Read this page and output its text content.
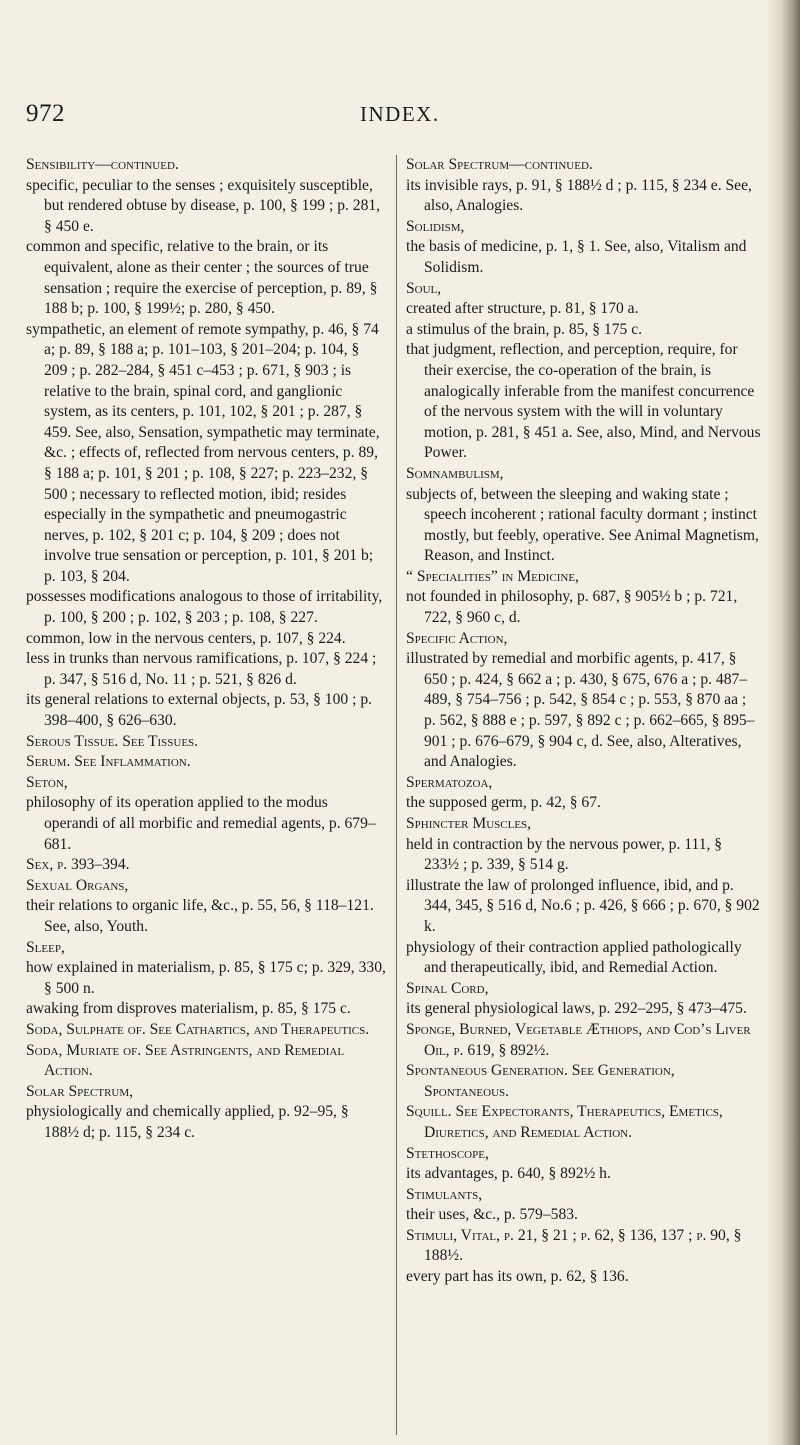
972	INDEX.

Sensibility—continued.

specific, peculiar to the senses ; exquisitely susceptible, but rendered obtuse by disease, p. 100, § 199 ; p. 281, § 450 e.

common and specific, relative to the brain, or its equivalent, alone as their center ; the sources of true sensation ; require the exercise of perception, p. 89, § 188 b; p. 100, § 199½; p. 280, § 450.

sympathetic, an element of remote sympathy, p. 46, § 74 a; p. 89, § 188 a; p. 101–103, § 201–204; p. 104, § 209 ; p. 282–284, § 451 c–453 ; p. 671, § 903 ; is relative to the brain, spinal cord, and ganglionic system, as its centers, p. 101, 102, § 201 ; p. 287, § 459. See, also, Sensation, sympathetic may terminate, &c. ; effects of, reflected from nervous centers, p. 89, § 188 a; p. 101, § 201 ; p. 108, § 227; p. 223–232, § 500 ; necessary to reflected motion, ibid; resides especially in the sympathetic and pneumogastric nerves, p. 102, § 201 c; p. 104, § 209 ; does not involve true sensation or perception, p. 101, § 201 b; p. 103, § 204.

possesses modifications analogous to those of irritability, p. 100, § 200 ; p. 102, § 203 ; p. 108, § 227.

common, low in the nervous centers, p. 107, § 224.

less in trunks than nervous ramifications, p. 107, § 224 ; p. 347, § 516 d, No. 11 ; p. 521, § 826 d.

its general relations to external objects, p. 53, § 100 ; p. 398–400, § 626–630.

Serous Tissue. See Tissues.

Serum. See Inflammation.

Seton,

philosophy of its operation applied to the modus operandi of all morbific and remedial agents, p. 679–681.

Sex, p. 393–394.

Sexual Organs,

their relations to organic life, &c., p. 55, 56, § 118–121. See, also, Youth.

Sleep,

how explained in materialism, p. 85, § 175 c; p. 329, 330, § 500 n.

awaking from disproves materialism, p. 85, § 175 c.

Soda, Sulphate of. See Cathartics, and Therapeutics.

Soda, Muriate of. See Astringents, and Remedial Action.

Solar Spectrum,

physiologically and chemically applied, p. 92–95, § 188½ d; p. 115, § 234 c.

Solar Spectrum—continued.

its invisible rays, p. 91, § 188½ d ; p. 115, § 234 e. See, also, Analogies.

Solidism,

the basis of medicine, p. 1, § 1. See, also, Vitalism and Solidism.

Soul,

created after structure, p. 81, § 170 a.

a stimulus of the brain, p. 85, § 175 c.

that judgment, reflection, and perception, require, for their exercise, the co-operation of the brain, is analogically inferable from the manifest concurrence of the nervous system with the will in voluntary motion, p. 281, § 451 a. See, also, Mind, and Nervous Power.

Somnambulism,

subjects of, between the sleeping and waking state ; speech incoherent ; rational faculty dormant ; instinct mostly, but feebly, operative. See Animal Magnetism, Reason, and Instinct.

“ Specialities” in Medicine,

not founded in philosophy, p. 687, § 905½ b ; p. 721, 722, § 960 c, d.

Specific Action,

illustrated by remedial and morbific agents, p. 417, § 650 ; p. 424, § 662 a ; p. 430, § 675, 676 a ; p. 487–489, § 754–756 ; p. 542, § 854 c ; p. 553, § 870 aa ; p. 562, § 888 e ; p. 597, § 892 c ; p. 662–665, § 895–901 ; p. 676–679, § 904 c, d. See, also, Alteratives, and Analogies.

Spermatozoa,

the supposed germ, p. 42, § 67.

Sphincter Muscles,

held in contraction by the nervous power, p. 111, § 233½ ; p. 339, § 514 g.

illustrate the law of prolonged influence, ibid, and p. 344, 345, § 516 d, No.6 ; p. 426, § 666 ; p. 670, § 902 k.

physiology of their contraction applied pathologically and therapeutically, ibid, and Remedial Action.

Spinal Cord,

its general physiological laws, p. 292–295, § 473–475.

Sponge, Burned, Vegetable Æthiops, and Cod’s Liver Oil, p. 619, § 892½.

Spontaneous Generation. See Generation, Spontaneous.

Squill. See Expectorants, Therapeutics, Emetics, Diuretics, and Remedial Action.

Stethoscope,

its advantages, p. 640, § 892½ h.

Stimulants,

their uses, &c., p. 579–583.

Stimuli, Vital, p. 21, § 21 ; p. 62, § 136, 137 ; p. 90, § 188½.

every part has its own, p. 62, § 136.
